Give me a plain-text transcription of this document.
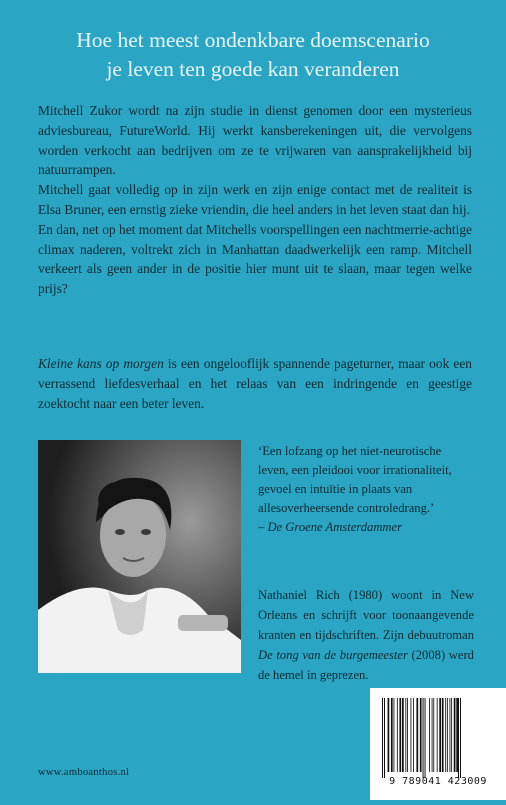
Hoe het meest ondenkbare doemscenario
je leven ten goede kan veranderen

Mitchell Zukor wordt na zijn studie in dienst genomen door een mysterieus adviesbureau, FutureWorld. Hij werkt kansberekeningen uit, die vervolgens worden verkocht aan bedrijven om ze te vrijwaren van aansprakelijkheid bij natuurrampen.

Mitchell gaat volledig op in zijn werk en zijn enige contact met de realiteit is Elsa Bruner, een ernstig zieke vriendin, die heel anders in het leven staat dan hij.

En dan, net op het moment dat Mitchells voorspellingen een nachtmerrie-achtige climax naderen, voltrekt zich in Manhattan daadwerkelijk een ramp. Mitchell verkeert als geen ander in de positie hier munt uit te slaan, maar tegen welke prijs?

Kleine kans op morgen is een ongelooflijk spannende pageturner, maar ook een verrassend liefdesverhaal en het relaas van een indringende en geestige zoektocht naar een beter leven.

‘Een lofzang op het niet-neurotische leven, een pleidooi voor irrationaliteit, gevoel en intuïtie in plaats van allesoverheersende controledrang.’

– De Groene Amsterdammer

Nathaniel Rich (1980) woont in New Orleans en schrijft voor toonaangevende kranten en tijdschriften. Zijn debuutroman De tong van de burgemeester (2008) werd de hemel in geprezen.

www.amboanthos.nl
9 789041 423009
